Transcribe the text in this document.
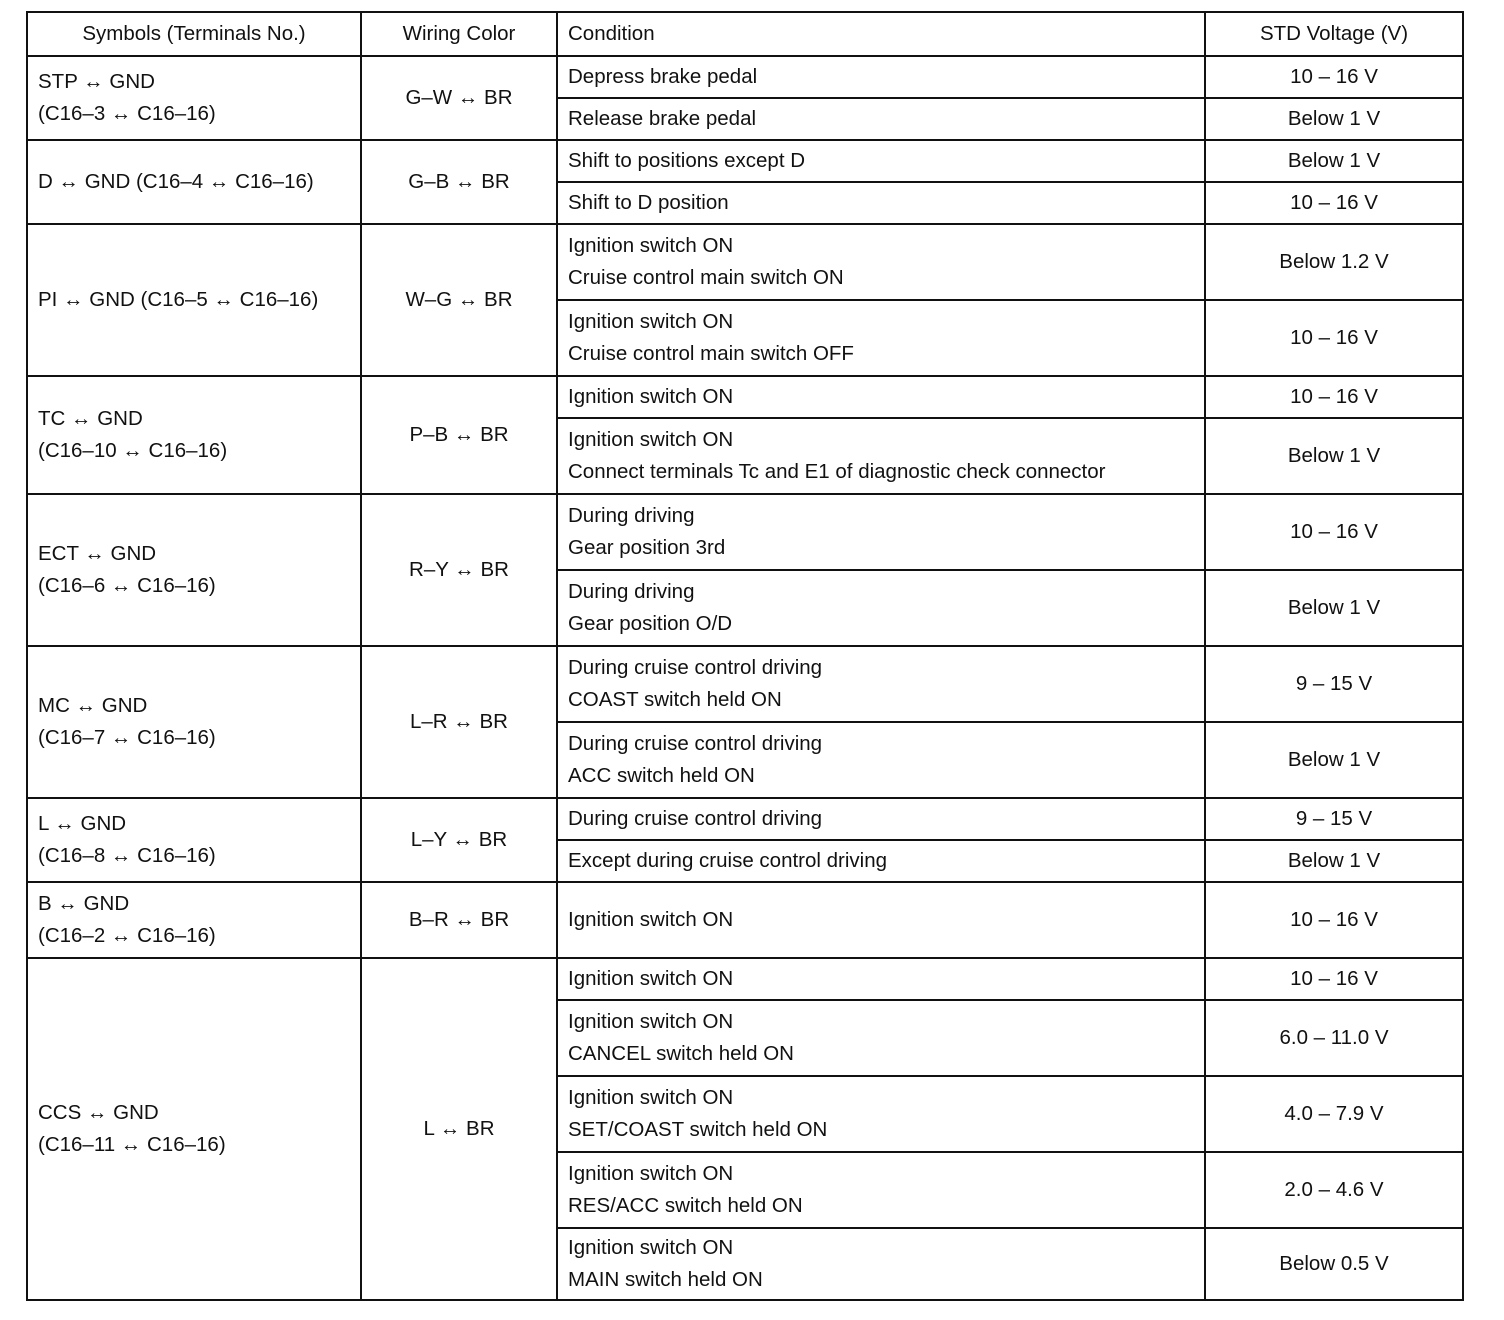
Symbols (Terminals No.)	Wiring Color	Condition	STD Voltage (V)

STP ↔ GND
(C16–3 ↔ C16–16)	G–W ↔ BR	Depress brake pedal	10 – 16 V

		Release brake pedal	Below 1 V

D ↔ GND (C16–4 ↔ C16–16)	G–B ↔ BR	Shift to positions except D	Below 1 V

		Shift to D position	10 – 16 V

PI ↔ GND (C16–5 ↔ C16–16)	W–G ↔ BR	Ignition switch ON
Cruise control main switch ON	Below 1.2 V

		Ignition switch ON
Cruise control main switch OFF	10 – 16 V

TC ↔ GND
(C16–10 ↔ C16–16)	P–B ↔ BR	Ignition switch ON	10 – 16 V

		Ignition switch ON
Connect terminals Tc and E1 of diagnostic check connector	Below 1 V

ECT ↔ GND
(C16–6 ↔ C16–16)	R–Y ↔ BR	During driving
Gear position 3rd	10 – 16 V

		During driving
Gear position O/D	Below 1 V

MC ↔ GND
(C16–7 ↔ C16–16)	L–R ↔ BR	During cruise control driving
COAST switch held ON	9 – 15 V

		During cruise control driving
ACC switch held ON	Below 1 V

L ↔ GND
(C16–8 ↔ C16–16)	L–Y ↔ BR	During cruise control driving	9 – 15 V

		Except during cruise control driving	Below 1 V

B ↔ GND
(C16–2 ↔ C16–16)	B–R ↔ BR	Ignition switch ON	10 – 16 V

CCS ↔ GND
(C16–11 ↔ C16–16)	L ↔ BR	Ignition switch ON	10 – 16 V

		Ignition switch ON
CANCEL switch held ON	6.0 – 11.0 V

		Ignition switch ON
SET/COAST switch held ON	4.0 – 7.9 V

		Ignition switch ON
RES/ACC switch held ON	2.0 – 4.6 V

		Ignition switch ON
MAIN switch held ON	Below 0.5 V
